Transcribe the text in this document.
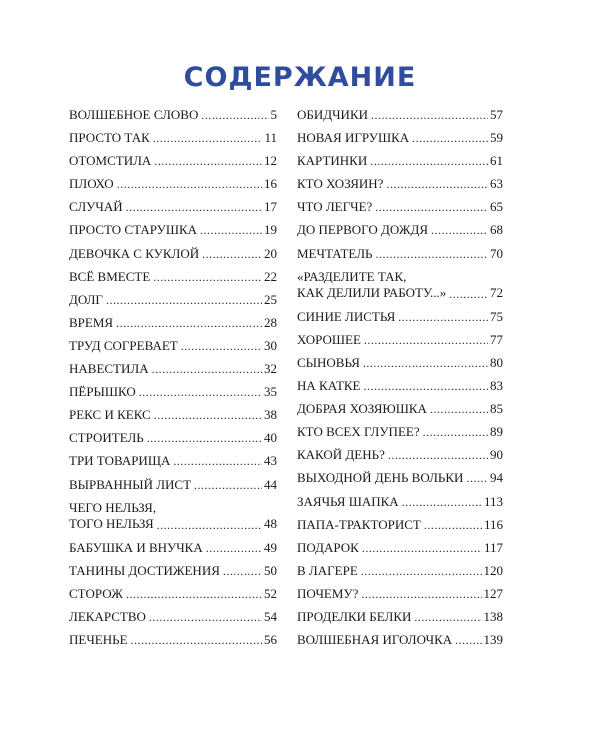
СОДЕРЖАНИЕ
ВОЛШЕБНОЕ СЛОВО .....	5
ПРОСТО ТАК .....	11
ОТОМСТИЛА .....	12
ПЛОХО .....	16
СЛУЧАЙ .....	17
ПРОСТО СТАРУШКА .....	19
ДЕВОЧКА С КУКЛОЙ .....	20
ВСЁ ВМЕСТЕ .....	22
ДОЛГ .....	25
ВРЕМЯ .....	28
ТРУД СОГРЕВАЕТ .....	30
НАВЕСТИЛА .....	32
ПЁРЫШКО .....	35
РЕКС И КЕКС .....	38
СТРОИТЕЛЬ .....	40
ТРИ ТОВАРИЩА .....	43
ВЫРВАННЫЙ ЛИСТ .....	44
ЧЕГО НЕЛЬЗЯ,
ТОГО НЕЛЬЗЯ .....	48
БАБУШКА И ВНУЧКА .....	49
ТАНИНЫ ДОСТИЖЕНИЯ .....	50
СТОРОЖ .....	52
ЛЕКАРСТВО .....	54
ПЕЧЕНЬЕ .....	56
ОБИДЧИКИ .....	57
НОВАЯ ИГРУШКА .....	59
КАРТИНКИ .....	61
КТО ХОЗЯИН? .....	63
ЧТО ЛЕГЧЕ? .....	65
ДО ПЕРВОГО ДОЖДЯ .....	68
МЕЧТАТЕЛЬ .....	70
«РАЗДЕЛИТЕ ТАК,
КАК ДЕЛИЛИ РАБОТУ...» .....	72
СИНИЕ ЛИСТЬЯ .....	75
ХОРОШЕЕ .....	77
СЫНОВЬЯ .....	80
НА КАТКЕ .....	83
ДОБРАЯ ХОЗЯЮШКА .....	85
КТО ВСЕХ ГЛУПЕЕ? .....	89
КАКОЙ ДЕНЬ? .....	90
ВЫХОДНОЙ ДЕНЬ ВОЛЬКИ ..... 94
ЗАЯЧЬЯ ШАПКА .....	113
ПАПА-ТРАКТОРИСТ .....	116
ПОДАРОК .....	117
В ЛАГЕРЕ .....	120
ПОЧЕМУ? .....	127
ПРОДЕЛКИ БЕЛКИ .....	138
ВОЛШЕБНАЯ ИГОЛОЧКА ..... 139
